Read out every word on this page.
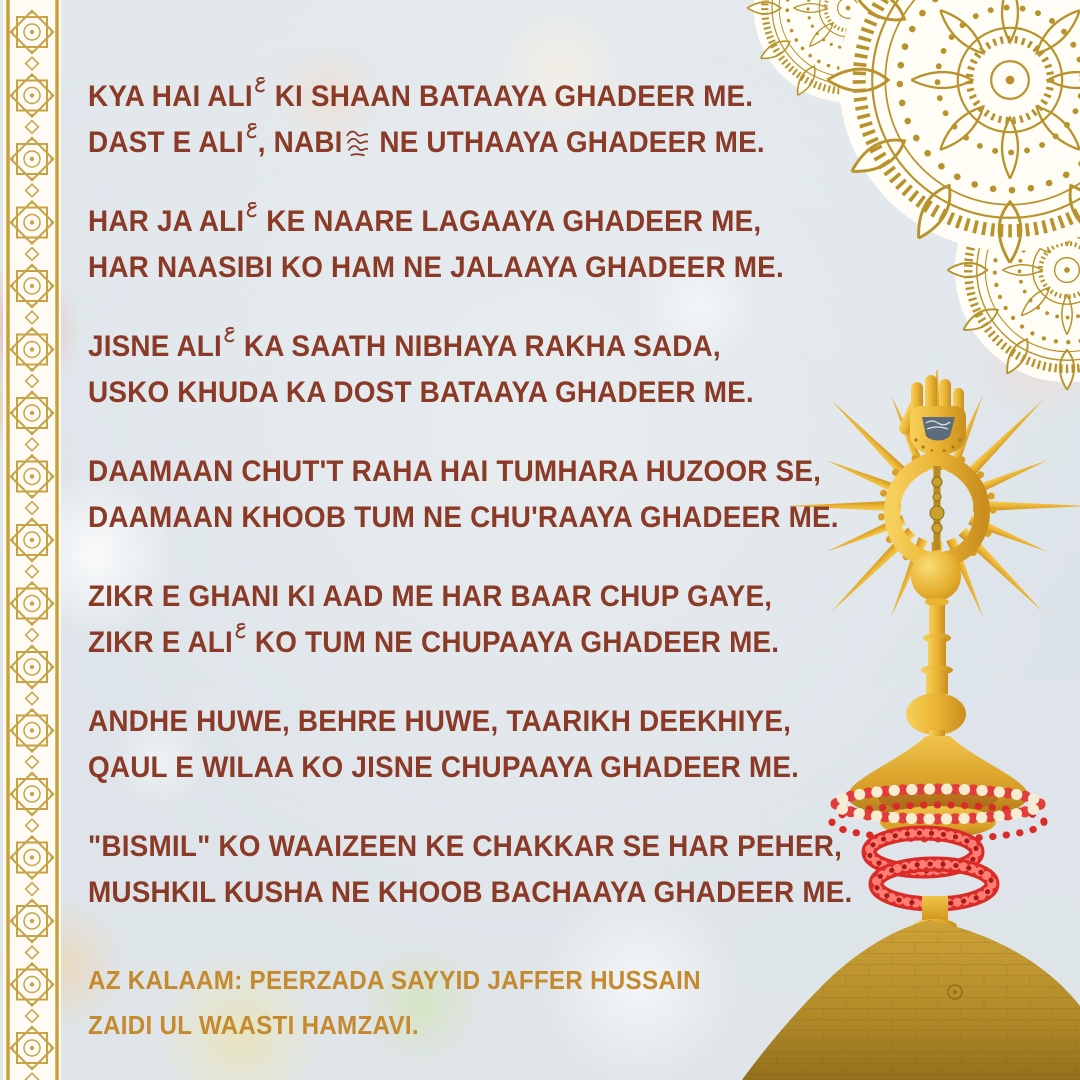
KYA HAI ALI
KI SHAAN BATAAYA GHADEER ME.
DAST E ALI , NABI
NE UTHAAYA GHADEER ME.
HAR JA ALI
KE NAARE LAGAAYA GHADEER ME,
HAR NAASIBI KO HAM NE JALAAYA GHADEER ME.
JISNE ALI
KA SAATH NIBHAYA RAKHA SADA,
USKO KHUDA KA DOST BATAAYA GHADEER ME.
DAAMAAN CHUT'T RAHA HAI TUMHARA HUZOOR SE,
DAAMAAN KHOOB TUM NE CHU'RAAYA GHADEER ME.
ZIKR E GHANI KI AAD ME HAR BAAR CHUP GAYE,
ZIKR E ALI
KO TUM NE CHUPAAYA GHADEER ME.
ANDHE HUWE, BEHRE HUWE, TAARIKH DEEKHIYE,
QAUL E WILAA KO JISNE CHUPAAYA GHADEER ME.
"BISMIL" KO WAAIZEEN KE CHAKKAR SE HAR PEHER,
MUSHKIL KUSHA NE KHOOB BACHAAYA GHADEER ME.
AZ KALAAM: PEERZADA SAYYID JAFFER HUSSAIN
ZAIDI UL WAASTI HAMZAVI.
